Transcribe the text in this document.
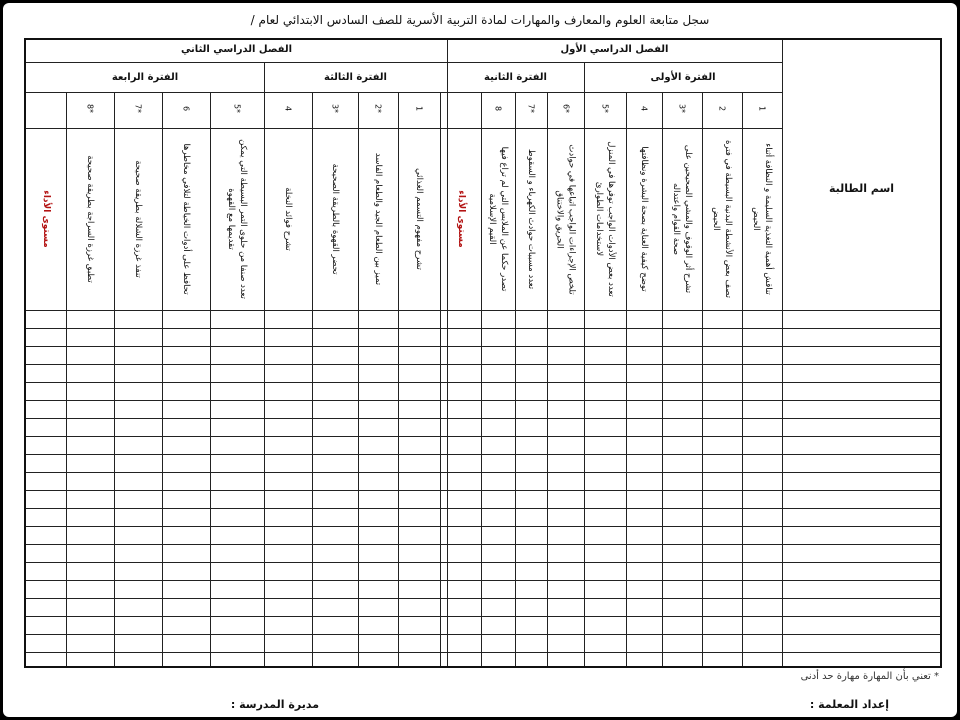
سجل متابعة العلوم والمعارف والمهارات لمادة التربية الأسرية للصف السادس الابتدائي لعام /
اسم الطالبة
الفصل الدراسي الأول
الفصل الدراسي الثاني
الفترة الأولى
الفترة الثانية
الفترة الثالثة
الفترة الرابعة
1
تناقش أهمية التغذية السليمة و النظافة أثناء الحيض
2
تصف بعض الأنشطة البدنية البسيطة في فترة الحيض
3*
تشرح أثر الوقوف والمشي الصحيحين على صحة القوام واعتداله
4
توضح كيفية العناية بصحة البشرة ونظافتها
5*
تعدد بعض الأدوات الواجب توفرها في المنزل لاستخدامات الطوارئ
6*
تلخص الإجراءات الواجب اتباعها في حوادث الحريق والاختناق
7*
تعدد مسببات حوادث الكهرباء و السقوط
8
تصدر حكما عن الملابس التي لم تراع فيها القيم الإسلامية
1
تشرح مفهوم التسمم الغذائي
2*
تميز بين الطعام الجيد والطعام الفاسد
3*
تحضر القهوة بالطريقة الصحيحة
4
تشرح فوائد النخلة
5*
تعدد صنفا من حلوى التمر البسيطة التي يمكن تقديمها مع القهوة
6
تحافظ على أدوات الخياطة لتلافي مخاطرها
7*
تنفذ غرزة الشلالة بطريقة صحيحة
8*
تطبق غرزة السراجة بطريقة صحيحة	مستوى الأداء
مستوى الأداء
* تعني بأن المهارة مهارة حد أدنى
إعداد المعلمة :
مديرة المدرسة :
